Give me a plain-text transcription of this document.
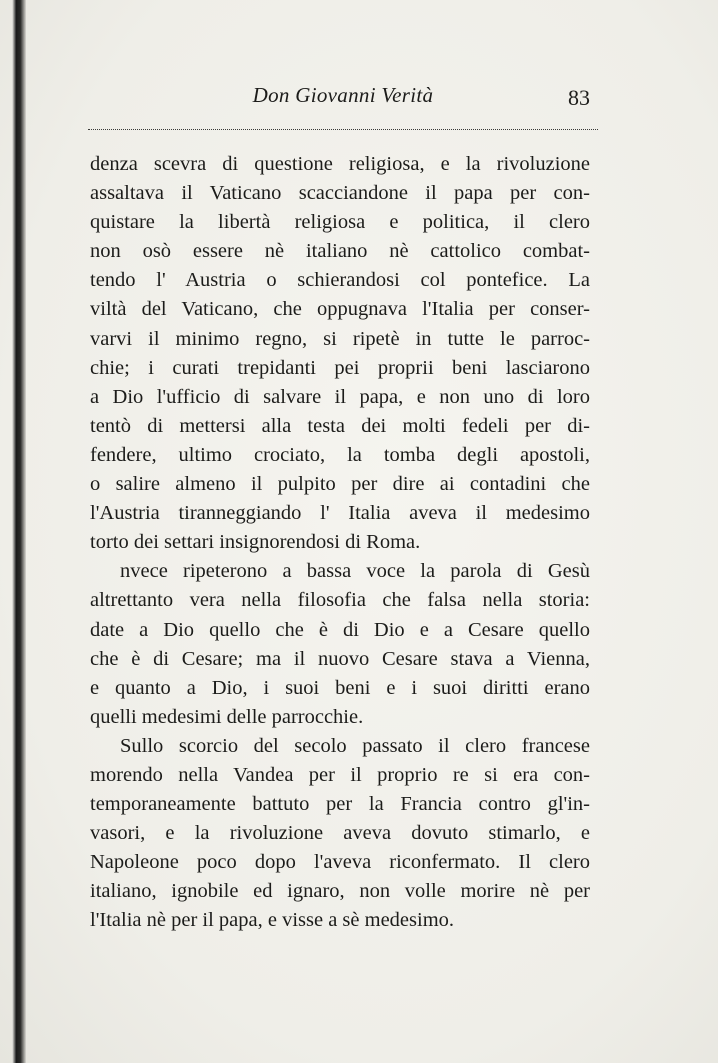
Don Giovanni Verità	83
denza scevra di questione religiosa, e la rivoluzione
assaltava il Vaticano scacciandone il papa per con-
quistare la libertà religiosa e politica, il clero
non osò essere nè italiano nè cattolico combat-
tendo l' Austria o schierandosi col pontefice. La
viltà del Vaticano, che oppugnava l'Italia per conser-
varvi il minimo regno, si ripetè in tutte le parroc-
chie; i curati trepidanti pei proprii beni lasciarono
a Dio l'ufficio di salvare il papa, e non uno di loro
tentò di mettersi alla testa dei molti fedeli per di-
fendere, ultimo crociato, la tomba degli apostoli,
o salire almeno il pulpito per dire ai contadini che
l'Austria tiranneggiando l' Italia aveva il medesimo
torto dei settari insignorendosi di Roma.
nvece ripeterono a bassa voce la parola di Gesù
altrettanto vera nella filosofia che falsa nella storia:
date a Dio quello che è di Dio e a Cesare quello
che è di Cesare; ma il nuovo Cesare stava a Vienna,
e quanto a Dio, i suoi beni e i suoi diritti erano
quelli medesimi delle parrocchie.
Sullo scorcio del secolo passato il clero francese
morendo nella Vandea per il proprio re si era con-
temporaneamente battuto per la Francia contro gl'in-
vasori, e la rivoluzione aveva dovuto stimarlo, e
Napoleone poco dopo l'aveva riconfermato. Il clero
italiano, ignobile ed ignaro, non volle morire nè per
l'Italia nè per il papa, e visse a sè medesimo.
